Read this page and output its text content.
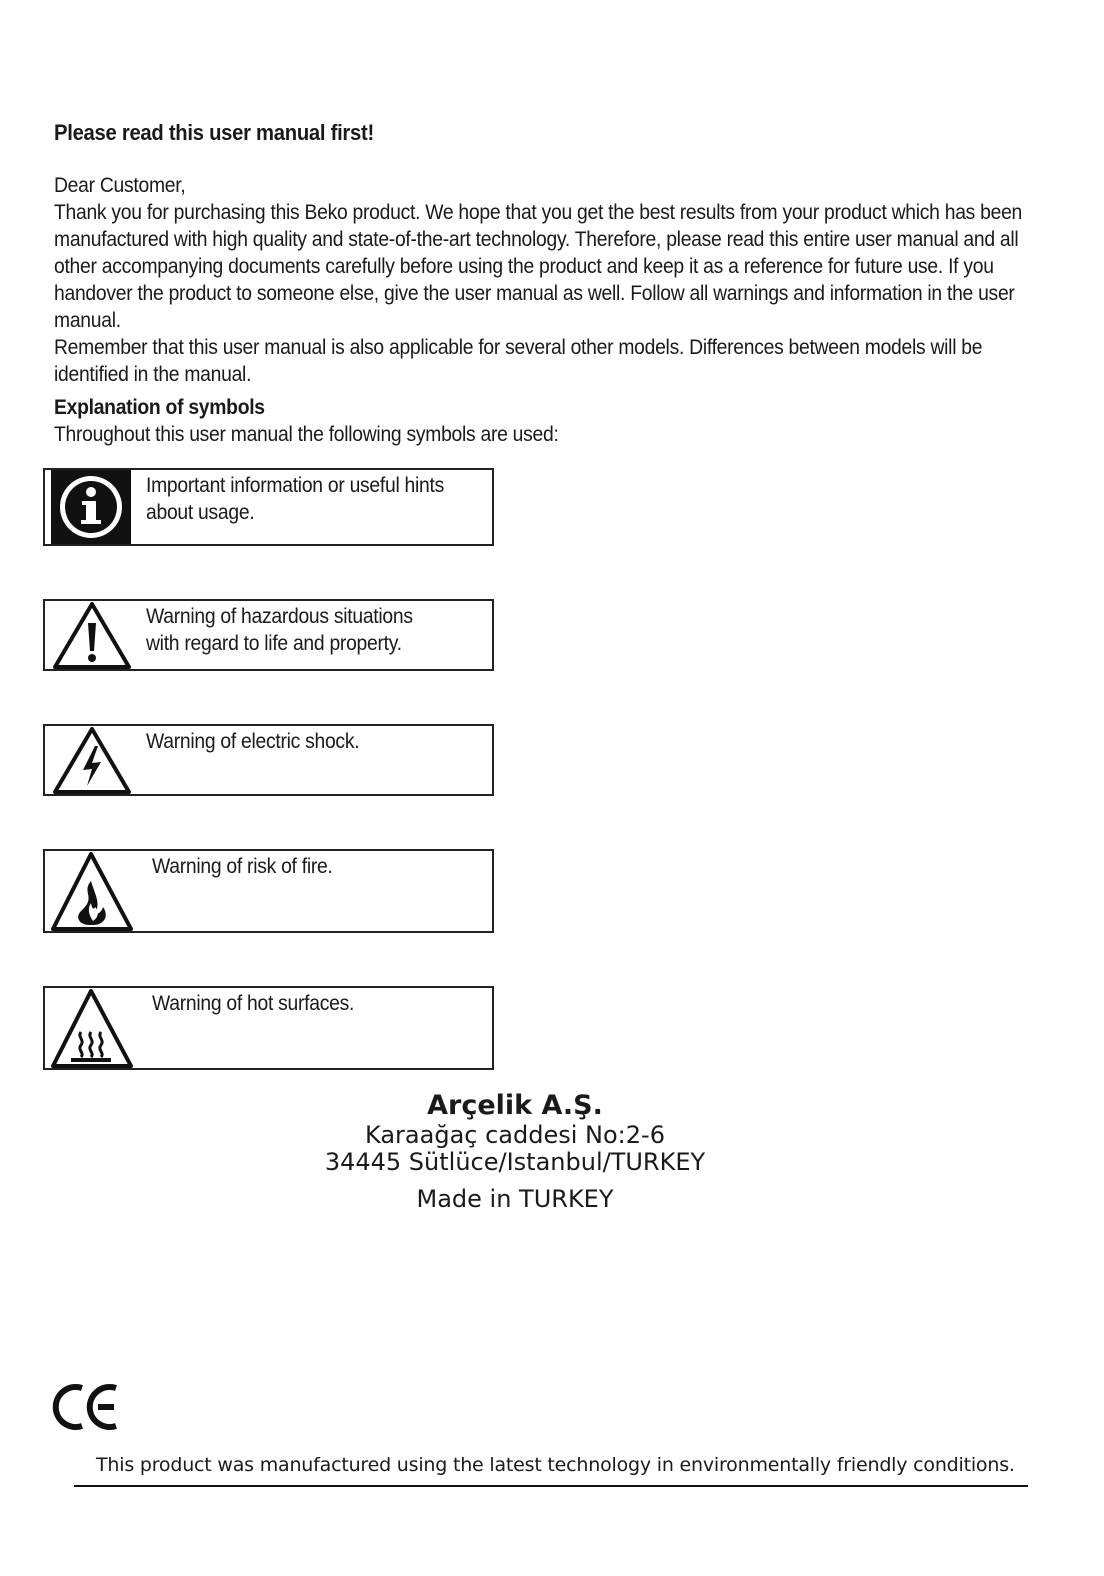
Please read this user manual first!

Dear Customer,

Thank you for purchasing this Beko product. We hope that you get the best results from your product which has been manufactured with high quality and state-of-the-art technology. Therefore, please read this entire user manual and all other accompanying documents carefully before using the product and keep it as a reference for future use. If you handover the product to someone else, give the user manual as well. Follow all warnings and information in the user manual.

Remember that this user manual is also applicable for several other models. Differences between models will be identified in the manual.

Explanation of symbols

Throughout this user manual the following symbols are used:

Important information or useful hints about usage.
Warning of hazardous situations with regard to life and property.
Warning of electric shock.
Warning of risk of fire.
Warning of hot surfaces.
Arçelik A.Ş.
Karaağaç caddesi No:2-6
34445 Sütlüce/Istanbul/TURKEY
Made in TURKEY
This product was manufactured using the latest technology in environmentally friendly conditions.
